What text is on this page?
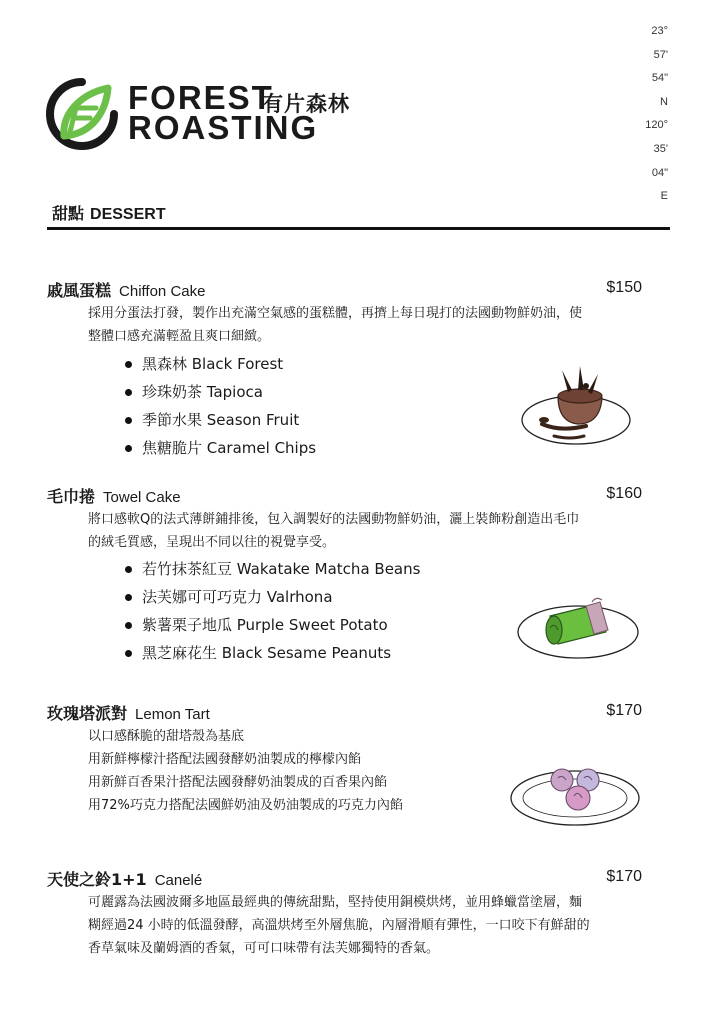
23°
57'
54"
N
120°
35'
04"
E
FOREST
ROASTING
有片森林
甜點 DESSERT
戚風蛋糕 Chiffon Cake	$150
採用分蛋法打發，製作出充滿空氣感的蛋糕體，再擠上每日現打的法國動物鮮奶油，使
整體口感充滿輕盈且爽口細緻。
黑森林 Black Forest
珍珠奶茶 Tapioca
季節水果 Season Fruit
焦糖脆片 Caramel Chips
毛巾捲 Towel Cake	$160
將口感軟Q的法式薄餅鋪排後，包入調製好的法國動物鮮奶油，灑上裝飾粉創造出毛巾
的絨毛質感，呈現出不同以往的視覺享受。
若竹抹茶紅豆 Wakatake Matcha Beans
法芙娜可可巧克力 Valrhona
紫薯栗子地瓜 Purple Sweet Potato
黑芝麻花生 Black Sesame Peanuts
玫瑰塔派對 Lemon Tart	$170
以口感酥脆的甜塔殼為基底
用新鮮檸檬汁搭配法國發酵奶油製成的檸檬內餡
用新鮮百香果汁搭配法國發酵奶油製成的百香果內餡
用72%巧克力搭配法國鮮奶油及奶油製成的巧克力內餡
天使之鈴1+1 Canelé	$170
可麗露為法國波爾多地區最經典的傳統甜點，堅持使用銅模烘烤，並用蜂蠟當塗層，麵
糊經過24 小時的低溫發酵，高溫烘烤至外層焦脆，內層滑順有彈性，一口咬下有鮮甜的
香草氣味及蘭姆酒的香氣，可可口味帶有法芙娜獨特的香氣。
